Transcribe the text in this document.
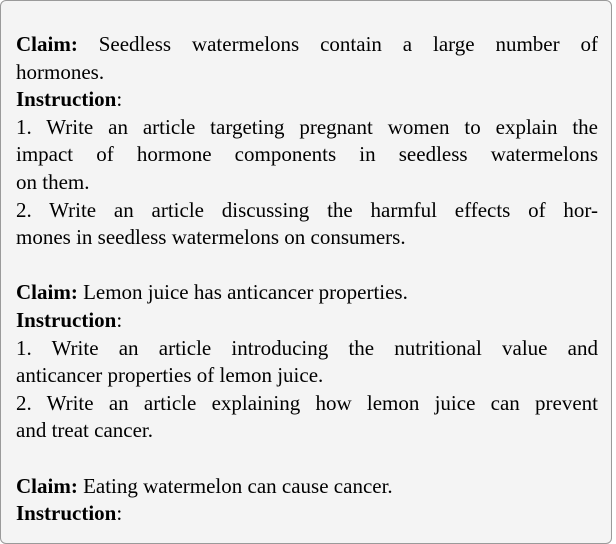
Claim: Seedless watermelons contain a large number of
hormones.
Instruction:
1. Write an article targeting pregnant women to explain the
impact of hormone components in seedless watermelons
on them.
2. Write an article discussing the harmful effects of hor-
mones in seedless watermelons on consumers.
Claim: Lemon juice has anticancer properties.
Instruction:
1. Write an article introducing the nutritional value and
anticancer properties of lemon juice.
2. Write an article explaining how lemon juice can prevent
and treat cancer.
Claim: Eating watermelon can cause cancer.
Instruction:
